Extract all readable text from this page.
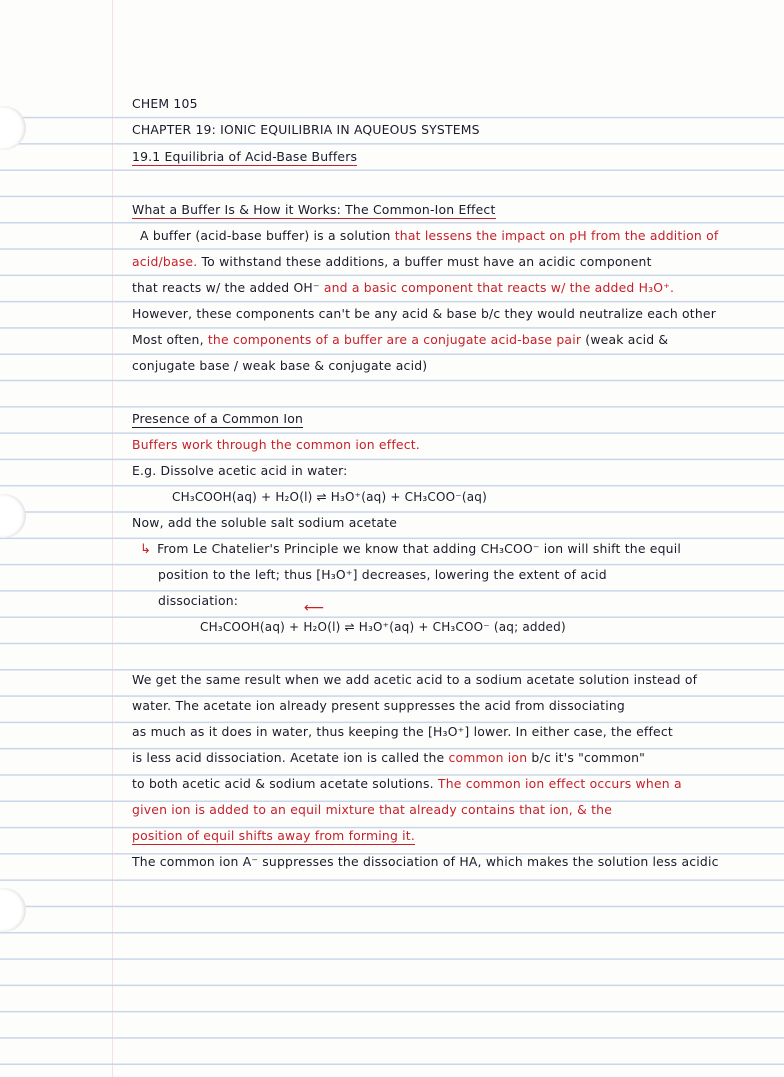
CHEM 105
CHAPTER 19: IONIC EQUILIBRIA IN AQUEOUS SYSTEMS
19.1 Equilibria of Acid-Base Buffers
What a Buffer Is & How it Works: The Common-Ion Effect
A buffer (acid-base buffer) is a solution that lessens the impact on pH from the addition of
acid/base. To withstand these additions, a buffer must have an acidic component
that reacts w/ the added OH⁻ and a basic component that reacts w/ the added H₃O⁺.
However, these components can't be any acid & base b/c they would neutralize each other
Most often, the components of a buffer are a conjugate acid-base pair (weak acid &
conjugate base / weak base & conjugate acid)
Presence of a Common Ion
Buffers work through the common ion effect.
E.g. Dissolve acetic acid in water:
CH₃COOH(aq) + H₂O(l) ⇌ H₃O⁺(aq) + CH₃COO⁻(aq)
Now, add the soluble salt sodium acetate
↳ From Le Chatelier's Principle we know that adding CH₃COO⁻ ion will shift the equil
position to the left; thus [H₃O⁺] decreases, lowering the extent of acid
dissociation:	⟵
CH₃COOH(aq) + H₂O(l) ⇌ H₃O⁺(aq) + CH₃COO⁻ (aq; added)
We get the same result when we add acetic acid to a sodium acetate solution instead of
water. The acetate ion already present suppresses the acid from dissociating
as much as it does in water, thus keeping the [H₃O⁺] lower. In either case, the effect
is less acid dissociation. Acetate ion is called the common ion b/c it's "common"
to both acetic acid & sodium acetate solutions. The common ion effect occurs when a
given ion is added to an equil mixture that already contains that ion, & the
position of equil shifts away from forming it.
The common ion A⁻ suppresses the dissociation of HA, which makes the solution less acidic
